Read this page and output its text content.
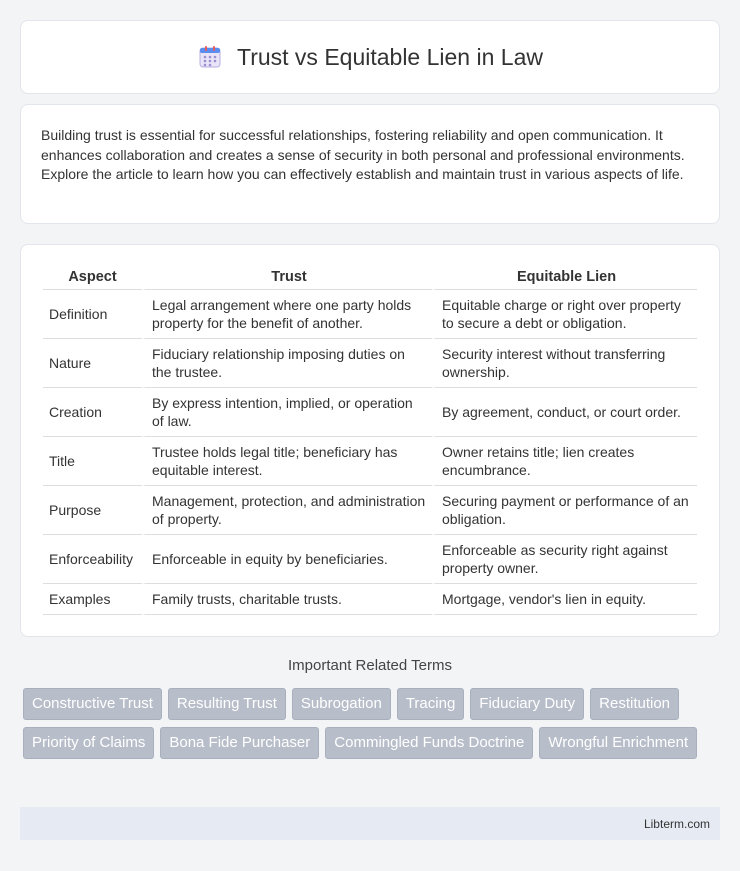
Trust vs Equitable Lien in Law

Building trust is essential for successful relationships, fostering reliability and open communication. It enhances collaboration and creates a sense of security in both personal and professional environments. Explore the article to learn how you can effectively establish and maintain trust in various aspects of life.

Aspect	Trust	Equitable Lien
Definition	Legal arrangement where one party holds property for the benefit of another.	Equitable charge or right over property to secure a debt or obligation.
Nature	Fiduciary relationship imposing duties on the trustee.	Security interest without transferring ownership.
Creation	By express intention, implied, or operation of law.	By agreement, conduct, or court order.
Title	Trustee holds legal title; beneficiary has equitable interest.	Owner retains title; lien creates encumbrance.
Purpose	Management, protection, and administration of property.	Securing payment or performance of an obligation.
Enforceability	Enforceable in equity by beneficiaries.	Enforceable as security right against property owner.
Examples	Family trusts, charitable trusts.	Mortgage, vendor's lien in equity.
Important Related Terms
Constructive Trust	Resulting Trust	Subrogation	Tracing	Fiduciary Duty	Restitution
Priority of Claims	Bona Fide Purchaser	Commingled Funds Doctrine	Wrongful Enrichment
Libterm.com
